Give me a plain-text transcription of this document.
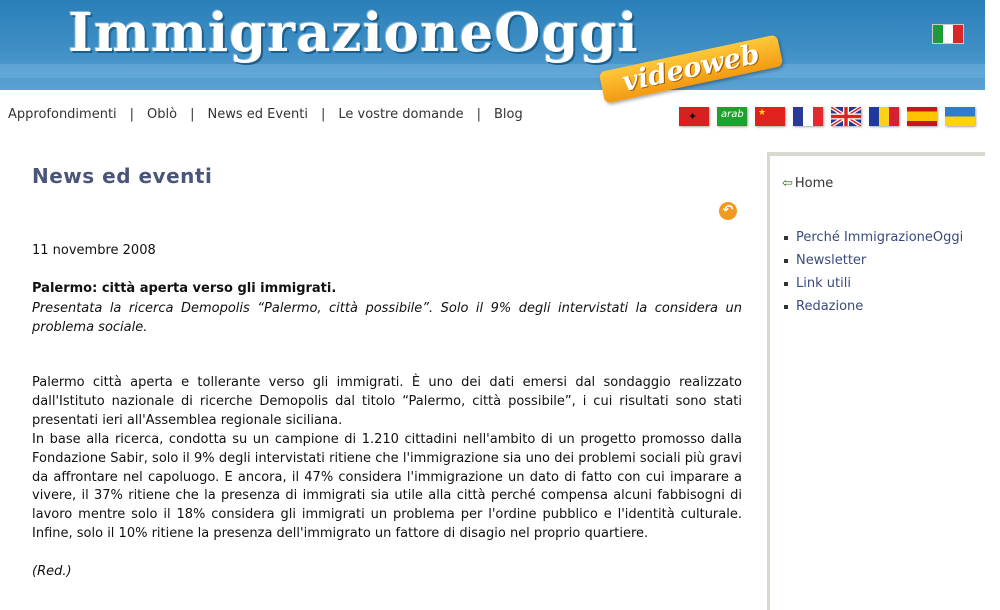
ImmigrazioneOggi
videoweb
Approfondimenti | Oblò | News ed Eventi | Le vostre domande | Blog	✦ arab ★
News ed eventi
↶
11 novembre 2008
Palermo: città aperta verso gli immigrati.
Presentata la ricerca Demopolis “Palermo, città possibile”. Solo il 9% degli intervistati la considera un problema sociale.

Palermo città aperta e tollerante verso gli immigrati. È uno dei dati emersi dal sondaggio realizzato dall'Istituto nazionale di ricerche Demopolis dal titolo “Palermo, città possibile”, i cui risultati sono stati presentati ieri all'Assemblea regionale siciliana.

In base alla ricerca, condotta su un campione di 1.210 cittadini nell'ambito di un progetto promosso dalla Fondazione Sabir, solo il 9% degli intervistati ritiene che l'immigrazione sia uno dei problemi sociali più gravi da affrontare nel capoluogo. E ancora, il 47% considera l'immigrazione un dato di fatto con cui imparare a vivere, il 37% ritiene che la presenza di immigrati sia utile alla città perché compensa alcuni fabbisogni di lavoro mentre solo il 18% considera gli immigrati un problema per l'ordine pubblico e l'identità culturale. Infine, solo il 10% ritiene la presenza dell'immigrato un fattore di disagio nel proprio quartiere.

(Red.)
⇦ Home
Perché ImmigrazioneOggi
Newsletter
Link utili
Redazione
